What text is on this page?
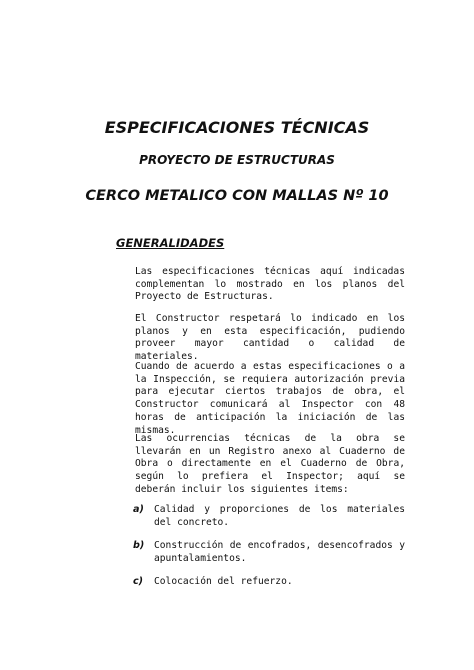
ESPECIFICACIONES TÉCNICAS
PROYECTO DE ESTRUCTURAS
CERCO METALICO CON MALLAS Nº 10
GENERALIDADES
Las especificaciones técnicas aquí indicadas complementan lo mostrado en los planos del Proyecto de Estructuras.
El Constructor respetará lo indicado en los planos y en esta especificación, pudiendo proveer mayor cantidad o calidad de materiales.
Cuando de acuerdo a estas especificaciones o a la Inspección, se requiera autorización previa para ejecutar ciertos trabajos de obra, el Constructor comunicará al Inspector con 48 horas de anticipación la iniciación de las mismas.
Las ocurrencias técnicas de la obra se llevarán en un Registro anexo al Cuaderno de Obra o directamente en el Cuaderno de Obra, según lo prefiera el Inspector; aquí se deberán incluir los siguientes items:
a) Calidad y proporciones de los materiales del concreto.
b) Construcción de encofrados, desencofrados y apuntalamientos.
c) Colocación del refuerzo.
